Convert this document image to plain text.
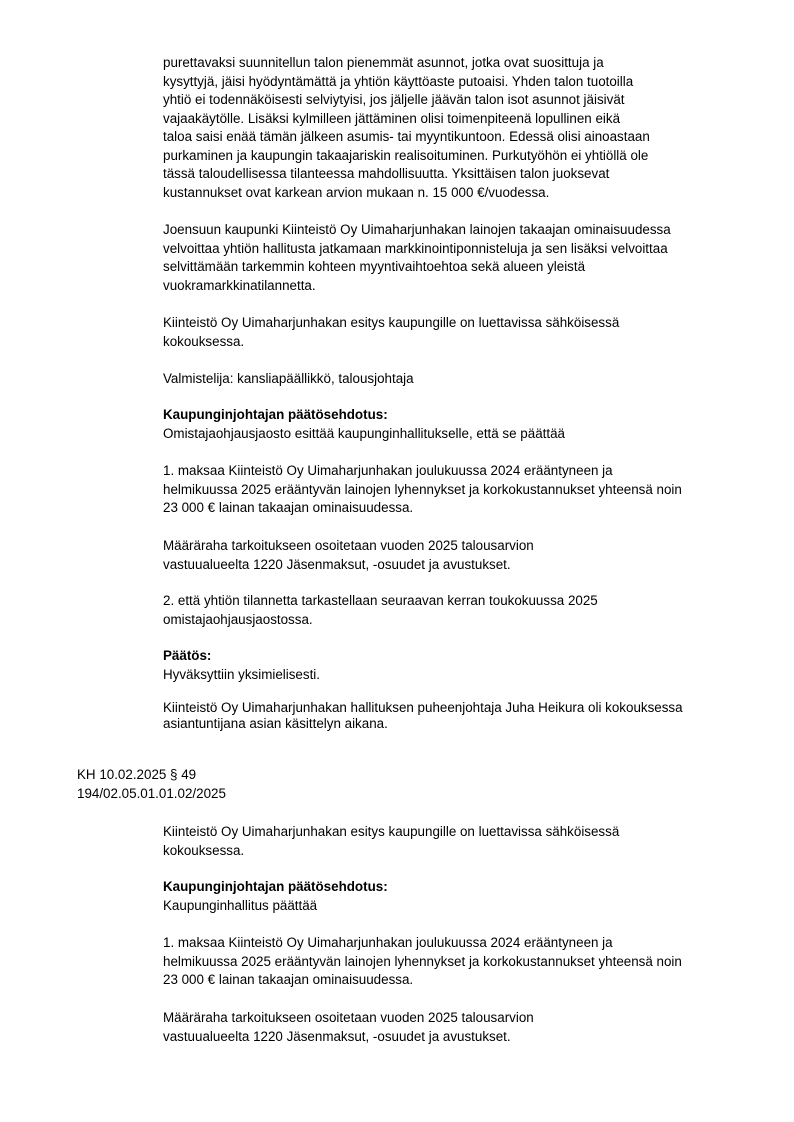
purettavaksi suunnitellun talon pienemmät asunnot, jotka ovat suosittuja ja

kysyttyjä, jäisi hyödyntämättä ja yhtiön käyttöaste putoaisi. Yhden talon tuotoilla

yhtiö ei todennäköisesti selviytyisi, jos jäljelle jäävän talon isot asunnot jäisivät

vajaakäytölle. Lisäksi kylmilleen jättäminen olisi toimenpiteenä lopullinen eikä

taloa saisi enää tämän jälkeen asumis- tai myyntikuntoon. Edessä olisi ainoastaan

purkaminen ja kaupungin takaajariskin realisoituminen. Purkutyöhön ei yhtiöllä ole

tässä taloudellisessa tilanteessa mahdollisuutta. Yksittäisen talon juoksevat

kustannukset ovat karkean arvion mukaan n. 15 000 €/vuodessa.

Joensuun kaupunki Kiinteistö Oy Uimaharjunhakan lainojen takaajan ominaisuudessa

velvoittaa yhtiön hallitusta jatkamaan markkinointiponnisteluja ja sen lisäksi velvoittaa

selvittämään tarkemmin kohteen myyntivaihtoehtoa sekä alueen yleistä

vuokramarkkinatilannetta.

Kiinteistö Oy Uimaharjunhakan esitys kaupungille on luettavissa sähköisessä

kokouksessa.

Valmistelija: kansliapäällikkö, talousjohtaja

Kaupunginjohtajan päätösehdotus:

Omistajaohjausjaosto esittää kaupunginhallitukselle, että se päättää

1. maksaa Kiinteistö Oy Uimaharjunhakan joulukuussa 2024 erääntyneen ja

helmikuussa 2025 erääntyvän lainojen lyhennykset ja korkokustannukset yhteensä noin

23 000 € lainan takaajan ominaisuudessa.

Määräraha tarkoitukseen osoitetaan vuoden 2025 talousarvion

vastuualueelta 1220 Jäsenmaksut, -osuudet ja avustukset.

2. että yhtiön tilannetta tarkastellaan seuraavan kerran toukokuussa 2025

omistajaohjausjaostossa.

Päätös:

Hyväksyttiin yksimielisesti.

Kiinteistö Oy Uimaharjunhakan hallituksen puheenjohtaja Juha Heikura oli kokouksessa

asiantuntijana asian käsittelyn aikana.

KH 10.02.2025 § 49

194/02.05.01.01.02/2025

Kiinteistö Oy Uimaharjunhakan esitys kaupungille on luettavissa sähköisessä

kokouksessa.

Kaupunginjohtajan päätösehdotus:

Kaupunginhallitus päättää

1. maksaa Kiinteistö Oy Uimaharjunhakan joulukuussa 2024 erääntyneen ja

helmikuussa 2025 erääntyvän lainojen lyhennykset ja korkokustannukset yhteensä noin

23 000 € lainan takaajan ominaisuudessa.

Määräraha tarkoitukseen osoitetaan vuoden 2025 talousarvion

vastuualueelta 1220 Jäsenmaksut, -osuudet ja avustukset.
